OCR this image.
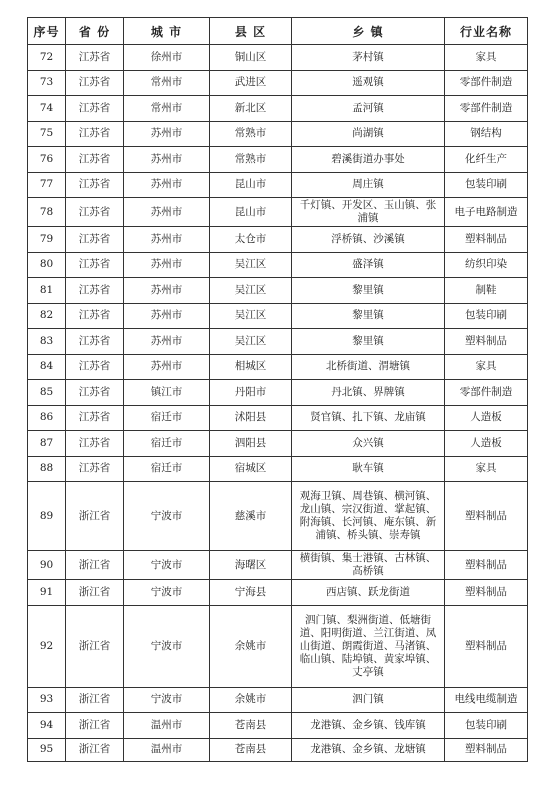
序号	省 份	城 市	县 区	乡 镇	行业名称
72	江苏省	徐州市	铜山区	茅村镇	家具
73	江苏省	常州市	武进区	遥观镇	零部件制造
74	江苏省	常州市	新北区	孟河镇	零部件制造
75	江苏省	苏州市	常熟市	尚湖镇	钢结构
76	江苏省	苏州市	常熟市	碧溪街道办事处	化纤生产
77	江苏省	苏州市	昆山市	周庄镇	包装印刷
78	江苏省	苏州市	昆山市	千灯镇、开发区、玉山镇、张浦镇	电子电路制造
79	江苏省	苏州市	太仓市	浮桥镇、沙溪镇	塑料制品
80	江苏省	苏州市	吴江区	盛泽镇	纺织印染
81	江苏省	苏州市	吴江区	黎里镇	制鞋
82	江苏省	苏州市	吴江区	黎里镇	包装印刷
83	江苏省	苏州市	吴江区	黎里镇	塑料制品
84	江苏省	苏州市	相城区	北桥街道、渭塘镇	家具
85	江苏省	镇江市	丹阳市	丹北镇、界牌镇	零部件制造
86	江苏省	宿迁市	沭阳县	贤官镇、扎下镇、龙庙镇	人造板
87	江苏省	宿迁市	泗阳县	众兴镇	人造板
88	江苏省	宿迁市	宿城区	耿车镇	家具
89	浙江省	宁波市	慈溪市	观海卫镇、周巷镇、横河镇、龙山镇、宗汉街道、掌起镇、附海镇、长河镇、庵东镇、新浦镇、桥头镇、崇寿镇	塑料制品
90	浙江省	宁波市	海曙区	横街镇、集士港镇、古林镇、高桥镇	塑料制品
91	浙江省	宁波市	宁海县	西店镇、跃龙街道	塑料制品
92	浙江省	宁波市	余姚市	泗门镇、梨洲街道、低塘街道、阳明街道、兰江街道、凤山街道、朗霞街道、马渚镇、临山镇、陆埠镇、黄家埠镇、丈亭镇	塑料制品
93	浙江省	宁波市	余姚市	泗门镇	电线电缆制造
94	浙江省	温州市	苍南县	龙港镇、金乡镇、钱库镇	包装印刷
95	浙江省	温州市	苍南县	龙港镇、金乡镇、龙塘镇	塑料制品
